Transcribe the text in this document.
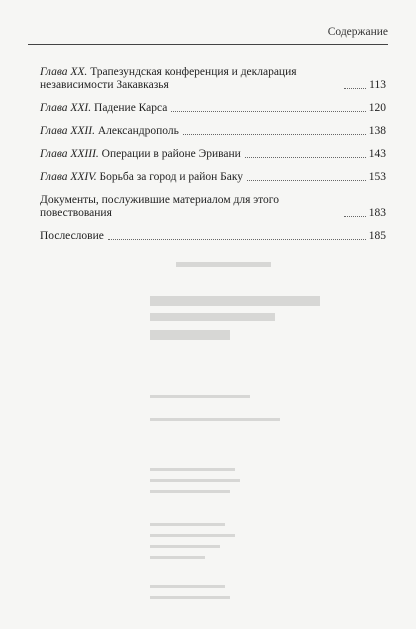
Содержание
Глава XX. Трапезундская конференция и декларация независимости Закавказья	113
Глава XXI. Падение Карса	120
Глава XXII. Александрополь	138
Глава XXIII. Операции в районе Эривани	143
Глава XXIV. Борьба за город и район Баку	153
Документы, послужившие материалом для этого повествования	183
Послесловие	185
